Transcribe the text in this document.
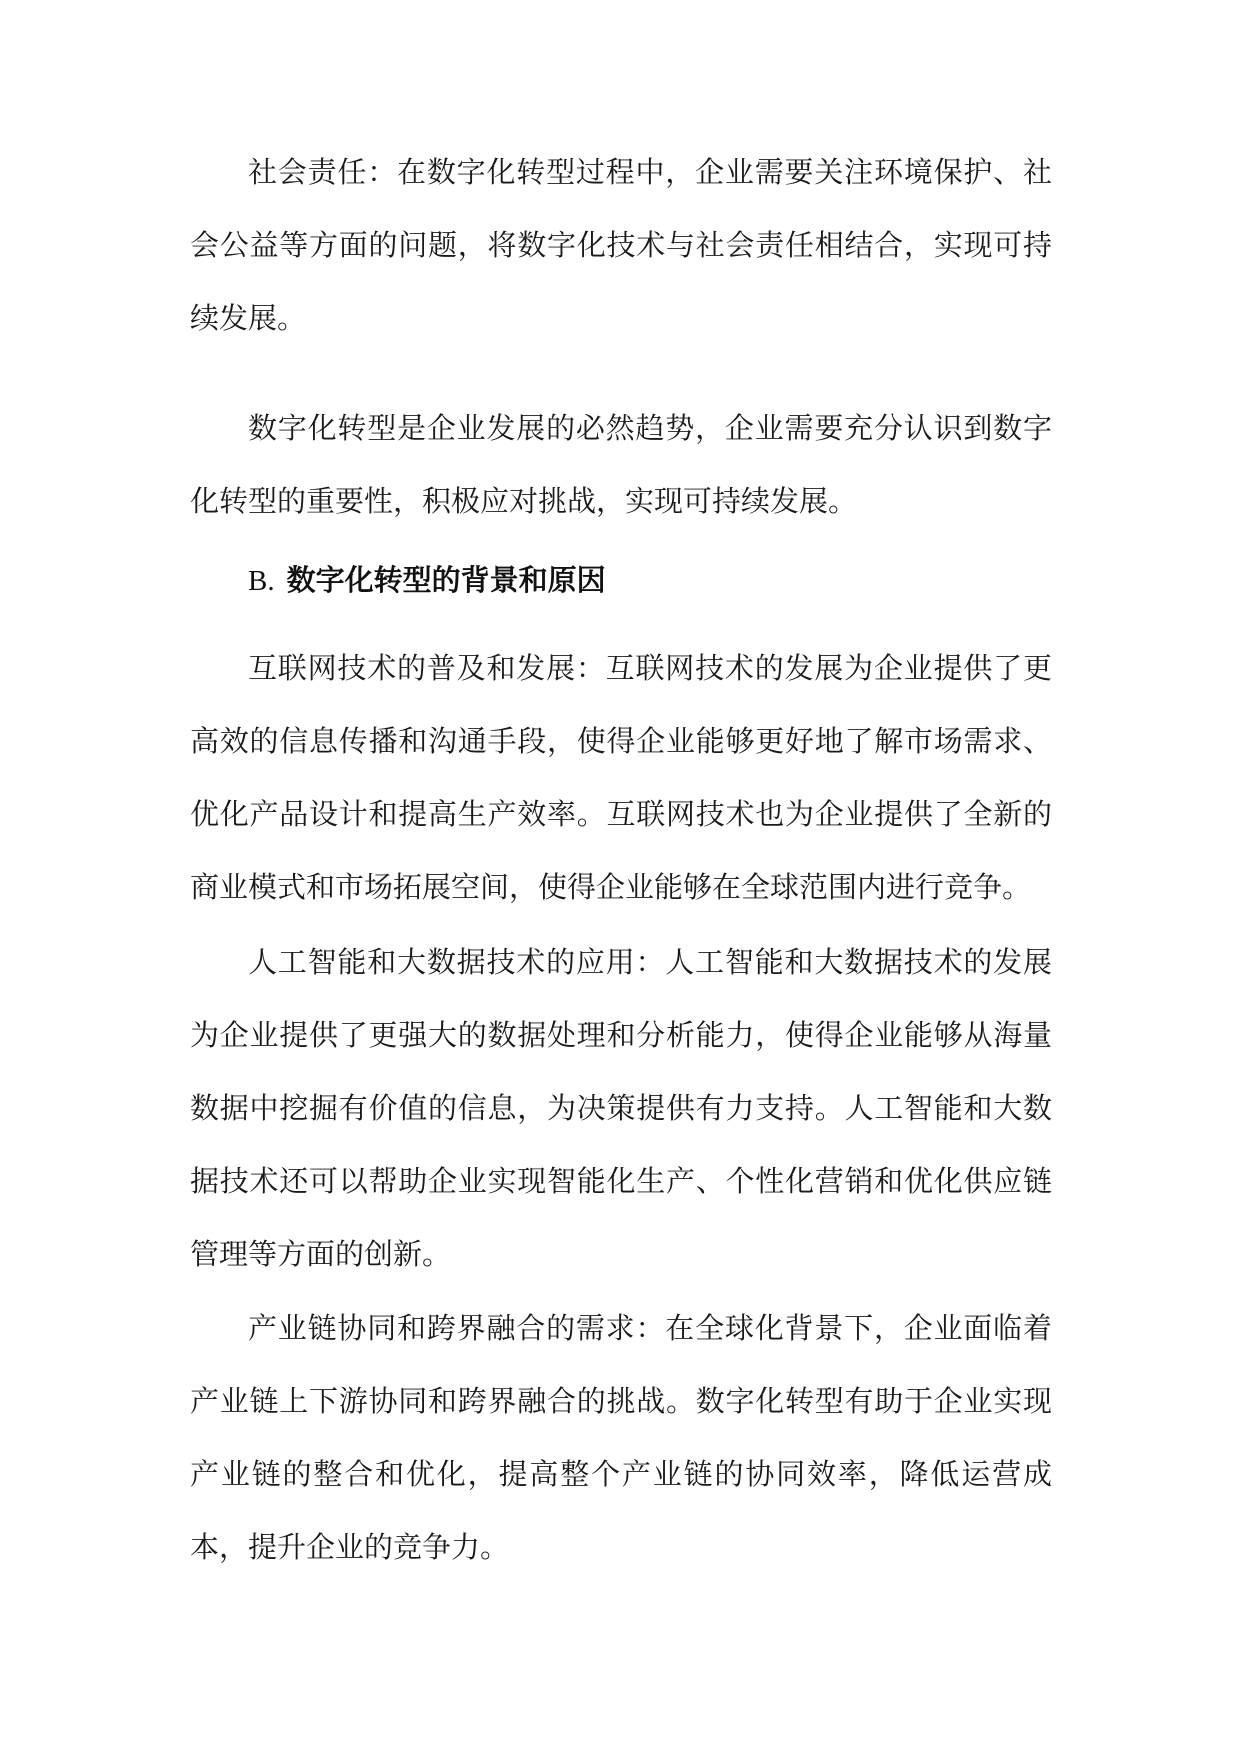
社会责任：在数字化转型过程中，企业需要关注环境保护、社会公益等方面的问题，将数字化技术与社会责任相结合，实现可持续发展。

数字化转型是企业发展的必然趋势，企业需要充分认识到数字化转型的重要性，积极应对挑战，实现可持续发展。

B. 数字化转型的背景和原因

互联网技术的普及和发展：互联网技术的发展为企业提供了更高效的信息传播和沟通手段，使得企业能够更好地了解市场需求、优化产品设计和提高生产效率。互联网技术也为企业提供了全新的商业模式和市场拓展空间，使得企业能够在全球范围内进行竞争。

人工智能和大数据技术的应用：人工智能和大数据技术的发展为企业提供了更强大的数据处理和分析能力，使得企业能够从海量数据中挖掘有价值的信息，为决策提供有力支持。人工智能和大数据技术还可以帮助企业实现智能化生产、个性化营销和优化供应链管理等方面的创新。

产业链协同和跨界融合的需求：在全球化背景下，企业面临着产业链上下游协同和跨界融合的挑战。数字化转型有助于企业实现产业链的整合和优化，提高整个产业链的协同效率，降低运营成本，提升企业的竞争力。
